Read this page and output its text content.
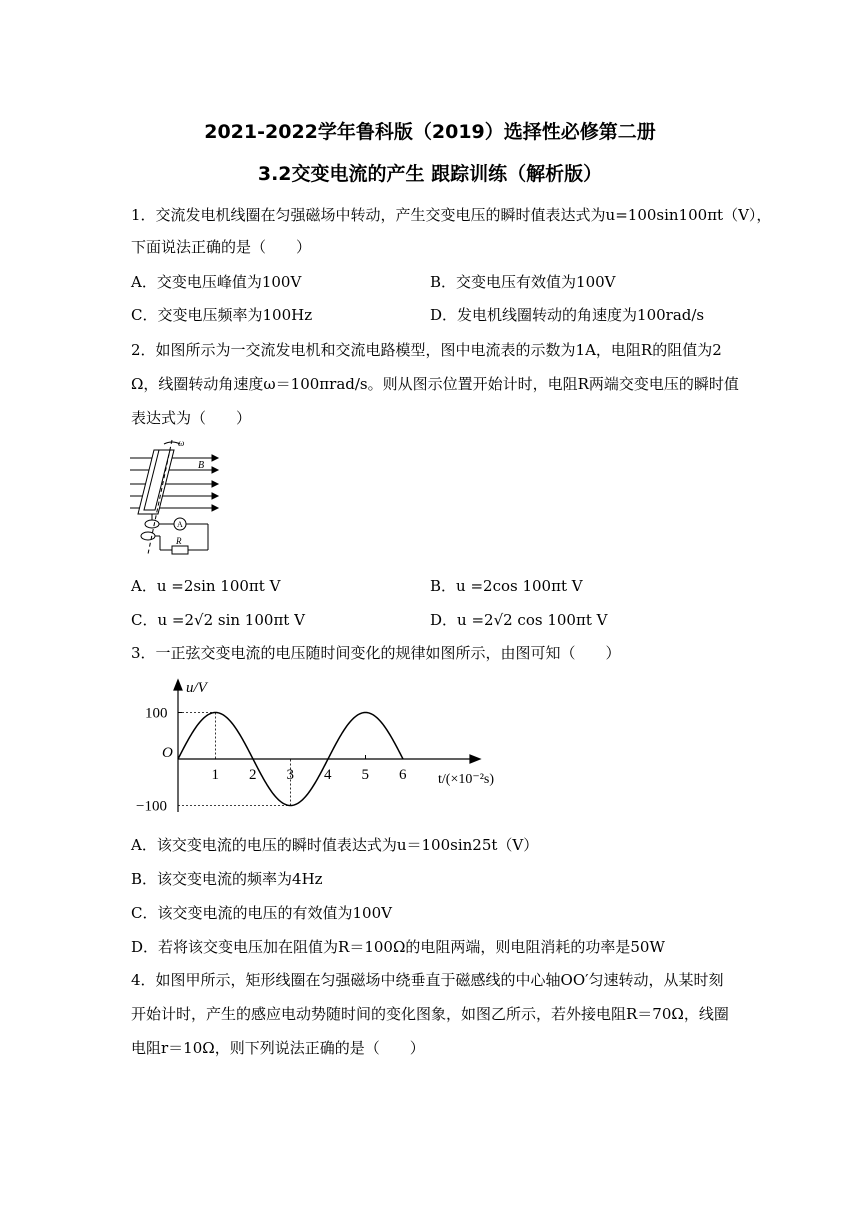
2021-2022学年鲁科版（2019）选择性必修第二册
3.2交变电流的产生 跟踪训练（解析版）
1．交流发电机线圈在匀强磁场中转动，产生交变电压的瞬时值表达式为u=100sin100πt（V），
下面说法正确的是（　　）
A．交变电压峰值为100V	B．交变电压有效值为100V
C．交变电压频率为100Hz	D．发电机线圈转动的角速度为100rad/s
2．如图所示为一交流发电机和交流电路模型，图中电流表的示数为1A，电阻R的阻值为2
Ω，线圈转动角速度ω＝100πrad/s。则从图示位置开始计时，电阻R两端交变电压的瞬时值
表达式为（　　）
ω
B
A
R
A．u =2sin 100πt V	B．u =2cos 100πt V
C．u =2√2 sin 100πt V	D．u =2√2 cos 100πt V
3．一正弦交变电流的电压随时间变化的规律如图所示，由图可知（　　）
1 2 3 4 5 6
100
−100
u/V
t/(×10⁻²s)
O
A．该交变电流的电压的瞬时值表达式为u＝100sin25t（V）
B．该交变电流的频率为4Hz
C．该交变电流的电压的有效值为100V
D．若将该交变电压加在阻值为R＝100Ω的电阻两端，则电阻消耗的功率是50W
4．如图甲所示，矩形线圈在匀强磁场中绕垂直于磁感线的中心轴OO′匀速转动，从某时刻
开始计时，产生的感应电动势随时间的变化图象，如图乙所示，若外接电阻R＝70Ω，线圈
电阻r＝10Ω，则下列说法正确的是（　　）
